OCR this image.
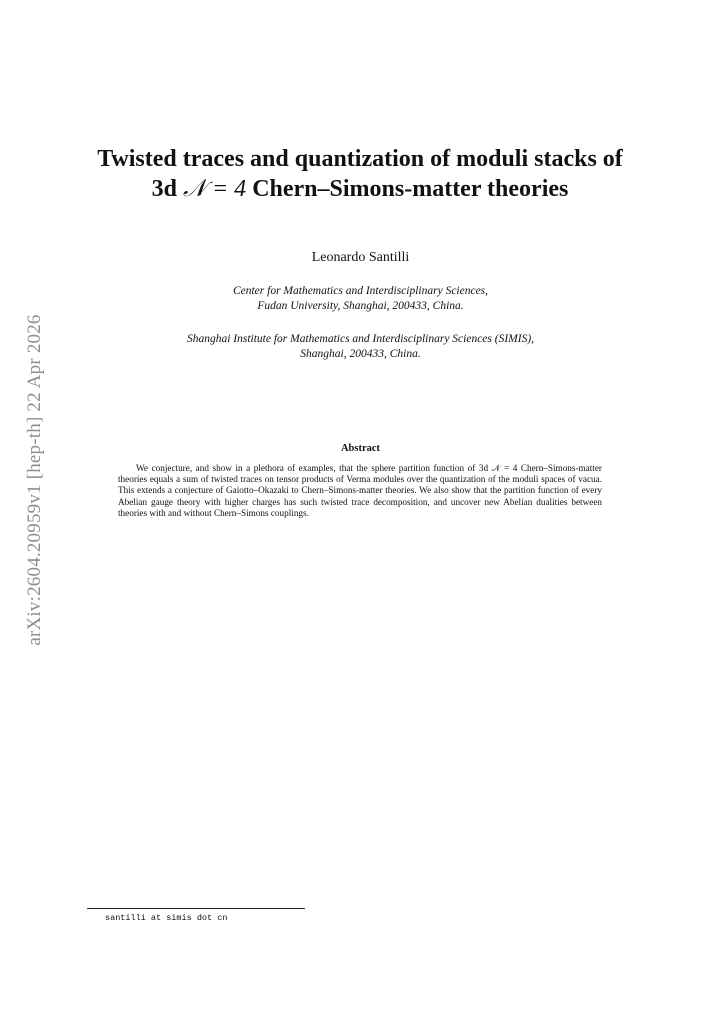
arXiv:2604.20959v1 [hep-th] 22 Apr 2026
Twisted traces and quantization of moduli stacks of 3d 𝒩 = 4 Chern–Simons-matter theories
Leonardo Santilli
Center for Mathematics and Interdisciplinary Sciences,
Fudan University, Shanghai, 200433, China.
Shanghai Institute for Mathematics and Interdisciplinary Sciences (SIMIS),
Shanghai, 200433, China.
Abstract

We conjecture, and show in a plethora of examples, that the sphere partition function of 3d 𝒩 = 4 Chern–Simons-matter theories equals a sum of twisted traces on tensor products of Verma modules over the quantization of the moduli spaces of vacua. This extends a conjecture of Gaiotto–Okazaki to Chern–Simons-matter theories. We also show that the partition function of every Abelian gauge theory with higher charges has such twisted trace decomposition, and uncover new Abelian dualities between theories with and without Chern–Simons couplings.

santilli at simis dot cn
